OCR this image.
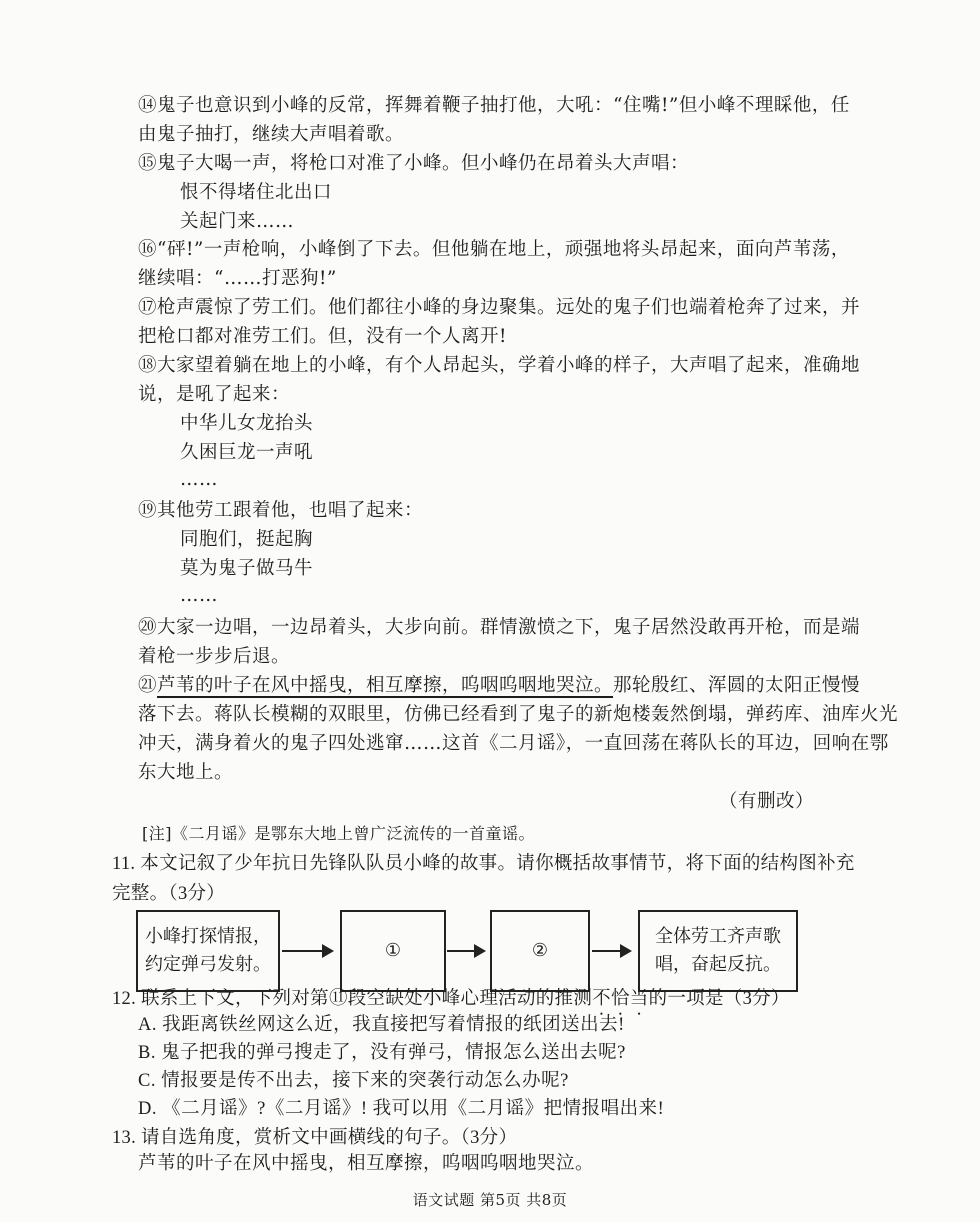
⑭鬼子也意识到小峰的反常，挥舞着鞭子抽打他，大吼：“住嘴!”但小峰不理睬他，任
由鬼子抽打，继续大声唱着歌。
⑮鬼子大喝一声，将枪口对准了小峰。但小峰仍在昂着头大声唱：
恨不得堵住北出口
关起门来……
⑯“砰!”一声枪响，小峰倒了下去。但他躺在地上，顽强地将头昂起来，面向芦苇荡，
继续唱：“……打恶狗!”
⑰枪声震惊了劳工们。他们都往小峰的身边聚集。远处的鬼子们也端着枪奔了过来，并
把枪口都对准劳工们。但，没有一个人离开!
⑱大家望着躺在地上的小峰，有个人昂起头，学着小峰的样子，大声唱了起来，准确地
说，是吼了起来：
中华儿女龙抬头
久困巨龙一声吼
……
⑲其他劳工跟着他，也唱了起来：
同胞们，挺起胸
莫为鬼子做马牛
……
⑳大家一边唱，一边昂着头，大步向前。群情激愤之下，鬼子居然没敢再开枪，而是端
着枪一步步后退。
㉑芦苇的叶子在风中摇曳，相互摩擦，呜咽呜咽地哭泣。那轮殷红、浑圆的太阳正慢慢
落下去。蒋队长模糊的双眼里，仿佛已经看到了鬼子的新炮楼轰然倒塌，弹药库、油库火光
冲天，满身着火的鬼子四处逃窜……这首《二月谣》，一直回荡在蒋队长的耳边，回响在鄂
东大地上。
（有删改）
[注]《二月谣》是鄂东大地上曾广泛流传的一首童谣。
11. 本文记叙了少年抗日先锋队队员小峰的故事。请你概括故事情节，将下面的结构图补充
完整。（3分）
小峰打探情报，
约定弹弓发射。
①	②
全体劳工齐声歌
唱，奋起反抗。
12. 联系上下文，下列对第⑪段空缺处小峰心理活动的推测不恰当的一项是（3分）
A. 我距离铁丝网这么近，我直接把写着情报的纸团送出去!
B. 鬼子把我的弹弓搜走了，没有弹弓，情报怎么送出去呢?
C. 情报要是传不出去，接下来的突袭行动怎么办呢?
D. 《二月谣》?《二月谣》! 我可以用《二月谣》把情报唱出来!
13. 请自选角度，赏析文中画横线的句子。（3分）
芦苇的叶子在风中摇曳，相互摩擦，呜咽呜咽地哭泣。
语文试题 第5页 共8页
